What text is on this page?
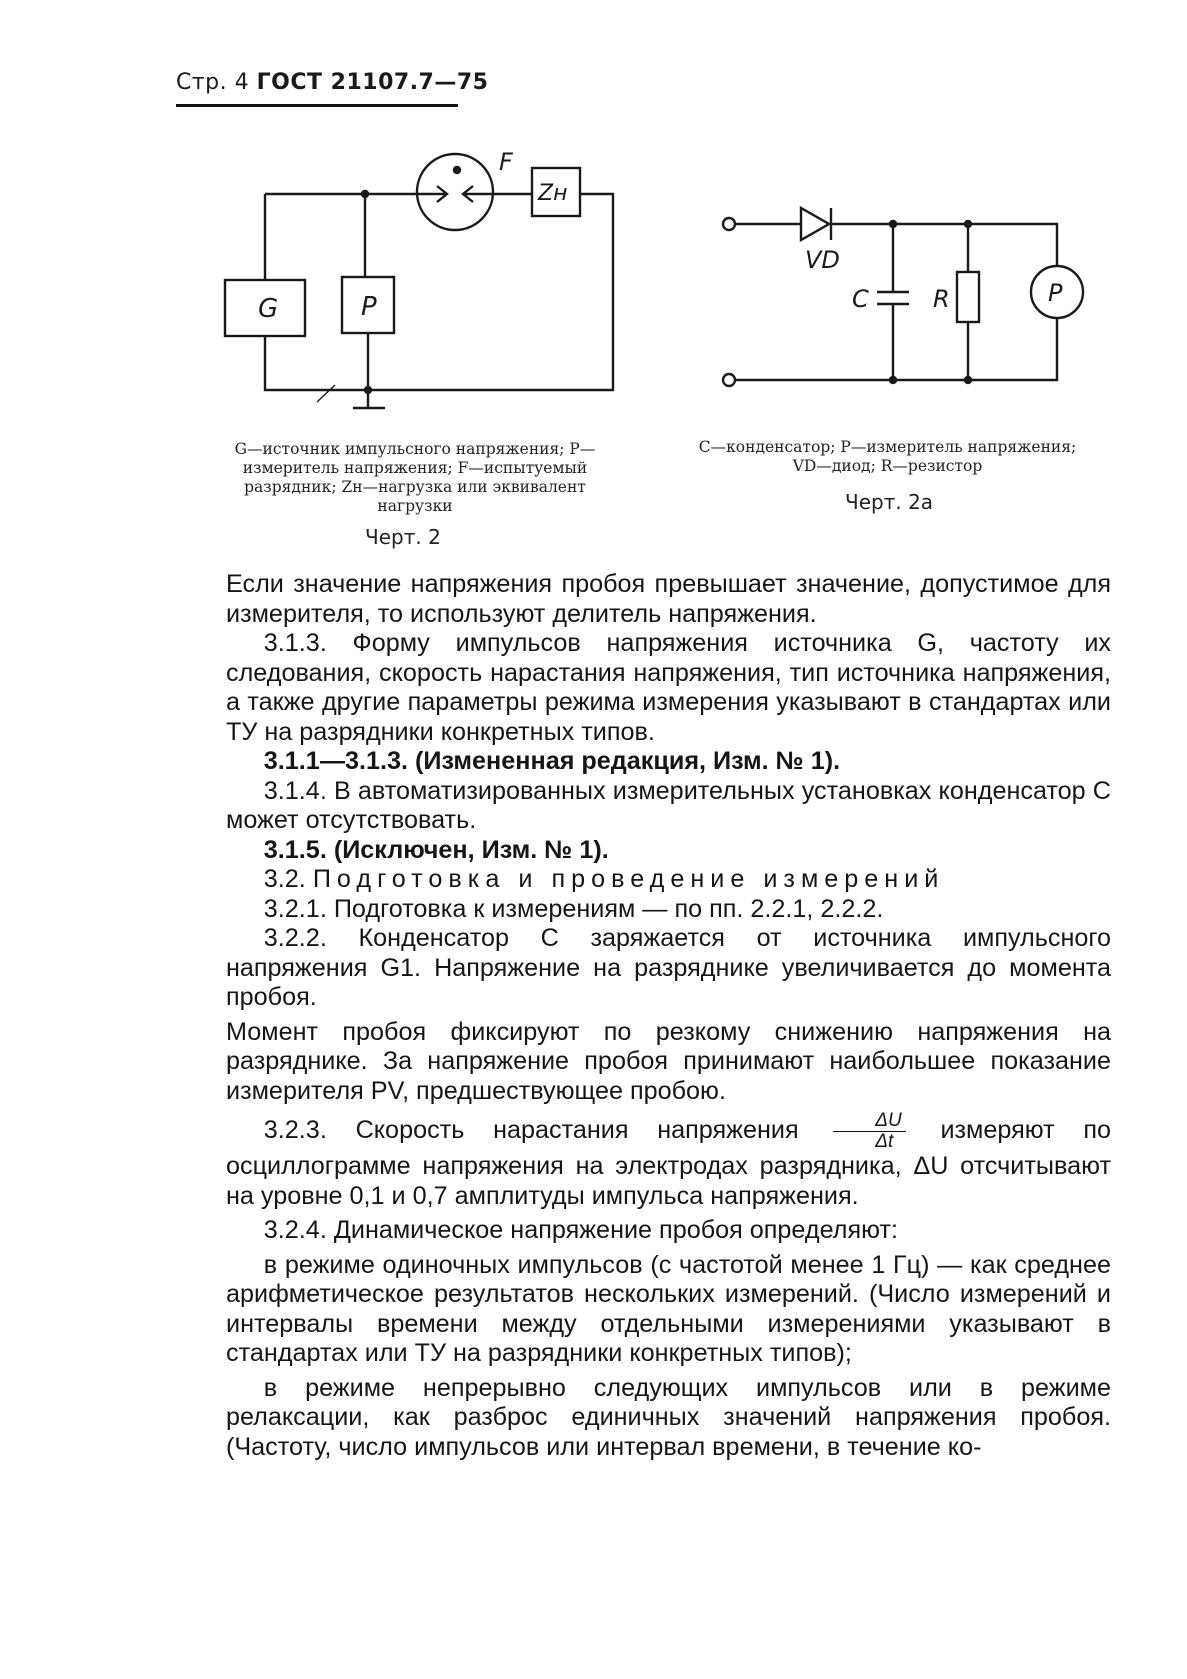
Стр. 4 ГОСТ 21107.7—75
G	P
F
Zн
G—источник импульсного напряжения; P—измеритель напряжения; F—испытуемый разрядник; Zн—нагрузка или эквивалент нагрузки
Черт. 2
VD
C	R	P
C—конденсатор; P—измеритель напряжения; VD—диод; R—резистор
Черт. 2а

Если значение напряжения пробоя превышает значение, допустимое для измерителя, то используют делитель напряжения.

3.1.3. Форму импульсов напряжения источника G, частоту их следования, скорость нарастания напряжения, тип источника напряжения, а также другие параметры режима измерения указывают в стандартах или ТУ на разрядники конкретных типов.

3.1.1—3.1.3. (Измененная редакция, Изм. № 1).

3.1.4. В автоматизированных измерительных установках конденсатор C может отсутствовать.

3.1.5. (Исключен, Изм. № 1).

3.2. Подготовка и проведение измерений

3.2.1. Подготовка к измерениям — по пп. 2.2.1, 2.2.2.

3.2.2. Конденсатор C заряжается от источника импульсного напряжения G1. Напряжение на разряднике увеличивается до момента пробоя.

Момент пробоя фиксируют по резкому снижению напряжения на разряднике. За напряжение пробоя принимают наибольшее показание измерителя PV, предшествующее пробою.

3.2.3. Скорость нарастания напряжения $\frac{\Delta U}{\Delta t}$ измеряют по осциллограмме напряжения на электродах разрядника, ΔU отсчитывают на уровне 0,1 и 0,7 амплитуды импульса напряжения.

3.2.4. Динамическое напряжение пробоя определяют:

в режиме одиночных импульсов (с частотой менее 1 Гц) — как среднее арифметическое результатов нескольких измерений. (Число измерений и интервалы времени между отдельными измерениями указывают в стандартах или ТУ на разрядники конкретных типов);

в режиме непрерывно следующих импульсов или в режиме релаксации, как разброс единичных значений напряжения пробоя. (Частоту, число импульсов или интервал времени, в течение ко-
